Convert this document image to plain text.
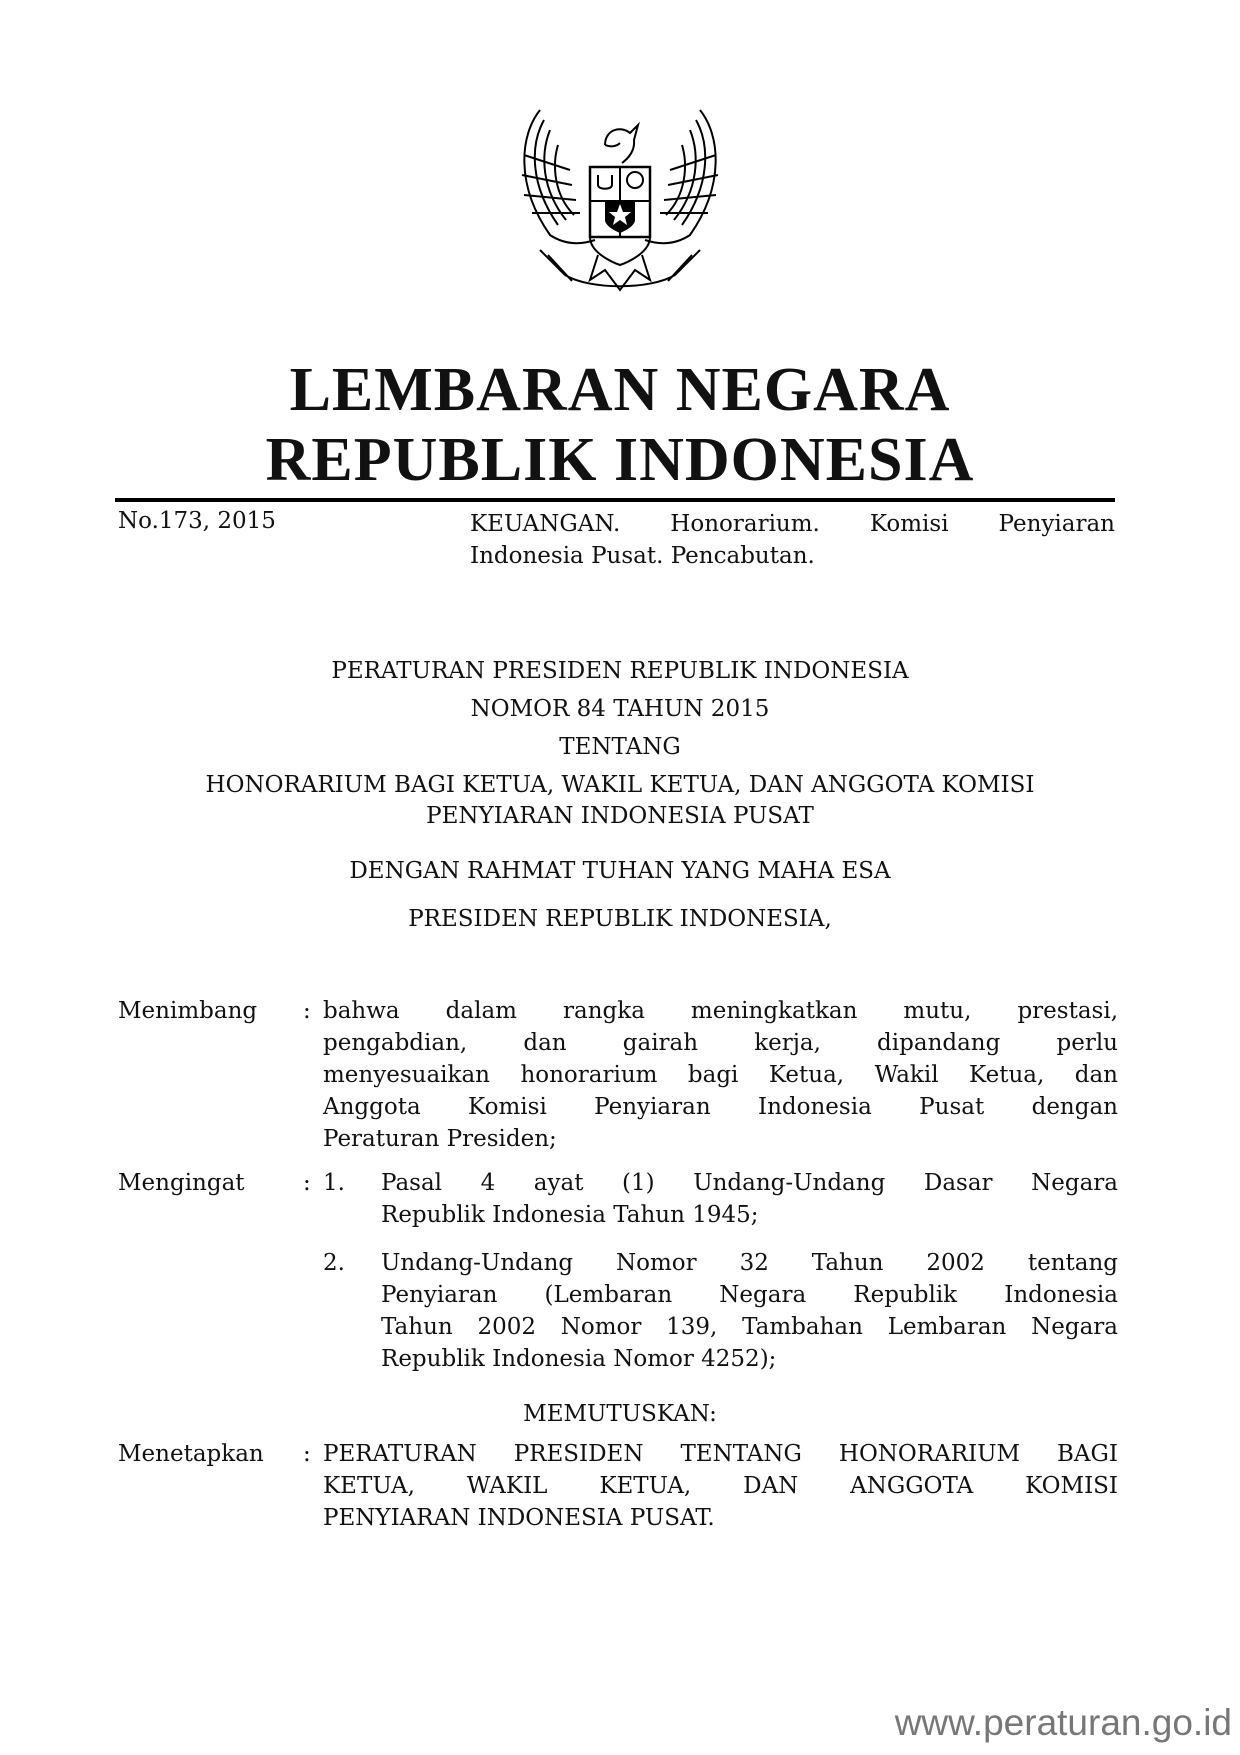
LEMBARAN NEGARA
REPUBLIK INDONESIA
No.173, 2015	KEUANGAN. Honorarium. Komisi Penyiaran
Indonesia Pusat. Pencabutan.
PERATURAN PRESIDEN REPUBLIK INDONESIA
NOMOR 84 TAHUN 2015
TENTANG
HONORARIUM BAGI KETUA, WAKIL KETUA, DAN ANGGOTA KOMISI
PENYIARAN INDONESIA PUSAT
DENGAN RAHMAT TUHAN YANG MAHA ESA
PRESIDEN REPUBLIK INDONESIA,
Menimbang	: bahwa dalam rangka meningkatkan mutu, prestasi,
pengabdian, dan gairah kerja, dipandang perlu
menyesuaikan honorarium bagi Ketua, Wakil Ketua, dan
Anggota Komisi Penyiaran Indonesia Pusat dengan
Peraturan Presiden;
Mengingat	: 1. Pasal 4 ayat (1) Undang-Undang Dasar Negara
Republik Indonesia Tahun 1945;
2. Undang-Undang Nomor 32 Tahun 2002 tentang
Penyiaran (Lembaran Negara Republik Indonesia
Tahun 2002 Nomor 139, Tambahan Lembaran Negara
Republik Indonesia Nomor 4252);
MEMUTUSKAN:
Menetapkan	: PERATURAN PRESIDEN TENTANG HONORARIUM BAGI
KETUA, WAKIL KETUA, DAN ANGGOTA KOMISI
PENYIARAN INDONESIA PUSAT.
www.peraturan.go.id
